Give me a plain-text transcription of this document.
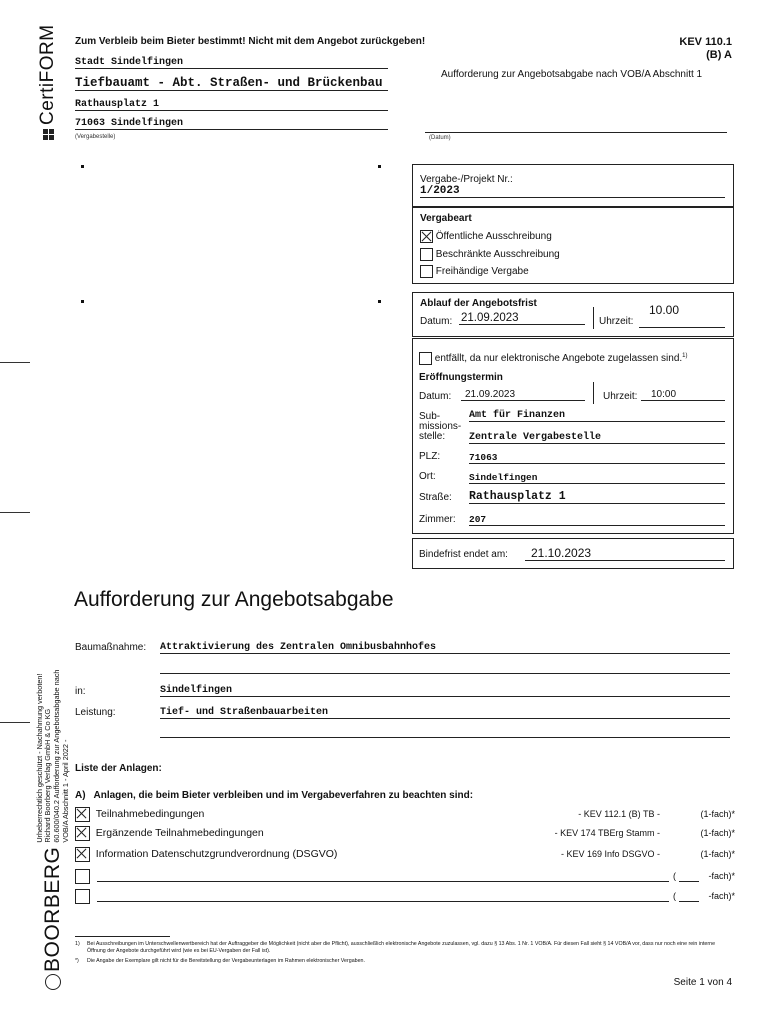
CertiFORM
BOORBERG
Urheberrechtlich geschützt - Nachahmung verboten! Richard Boorberg Verlag GmbH & Co KG 60.600/040.2 Aufforderung zur Angebotsabgabe nach VOB/A Abschnitt 1 - April 2022 -
Zum Verbleib beim Bieter bestimmt! Nicht mit dem Angebot zurückgeben!	KEV 110.1
(B) A
Aufforderung zur Angebotsabgabe nach VOB/A Abschnitt 1
Stadt Sindelfingen
Tiefbauamt - Abt. Straßen- und Brückenbau
Rathausplatz 1
71063 Sindelfingen
(Vergabestelle)	(Datum)
Vergabe-/Projekt Nr.:
1/2023
Vergabeart
Öffentliche Ausschreibung
Beschränkte Ausschreibung
Freihändige Vergabe
Ablauf der Angebotsfrist
Datum: 21.09.2023	Uhrzeit:
10.00
entfällt, da nur elektronische Angebote zugelassen sind.$^{1)}$
Eröffnungstermin
Datum:	21.09.2023	Uhrzeit:	10:00
Sub-
missions-
stelle:
Amt für Finanzen
Zentrale Vergabestelle
PLZ:	71063
Ort:	Sindelfingen
Straße: Rathausplatz 1
Zimmer: 207
Bindefrist endet am:	21.10.2023
Aufforderung zur Angebotsabgabe
Baumaßnahme: Attraktivierung des Zentralen Omnibusbahnhofes
in:	Sindelfingen
Leistung:	Tief- und Straßenbauarbeiten
Liste der Anlagen:
A)   Anlagen, die beim Bieter verbleiben und im Vergabeverfahren zu beachten sind:
Teilnahmebedingungen	- KEV 112.1 (B) TB -	(1-fach)*
Ergänzende Teilnahmebedingungen	- KEV 174 TBErg Stamm -	(1-fach)*
Information Datenschutzgrundverordnung (DSGVO)	- KEV 169 Info DSGVO -	(1-fach)*
(	-fach)*
(	-fach)*
1)	Bei Ausschreibungen im Unterschwellenwertbereich hat der Auftraggeber die Möglichkeit (nicht aber die Pflicht), ausschließlich elektronische Angebote zuzulassen, vgl. dazu § 13 Abs. 1 Nr. 1 VOB/A. Für diesen Fall sieht § 14 VOB/A vor, dass nur noch eine rein interne Öffnung der Angebote durchgeführt wird (wie es bei EU-Vergaben der Fall ist).
*)	Die Angabe der Exemplare gilt nicht für die Bereitstellung der Vergabeunterlagen im Rahmen elektronischer Vergaben.
Seite 1 von 4
